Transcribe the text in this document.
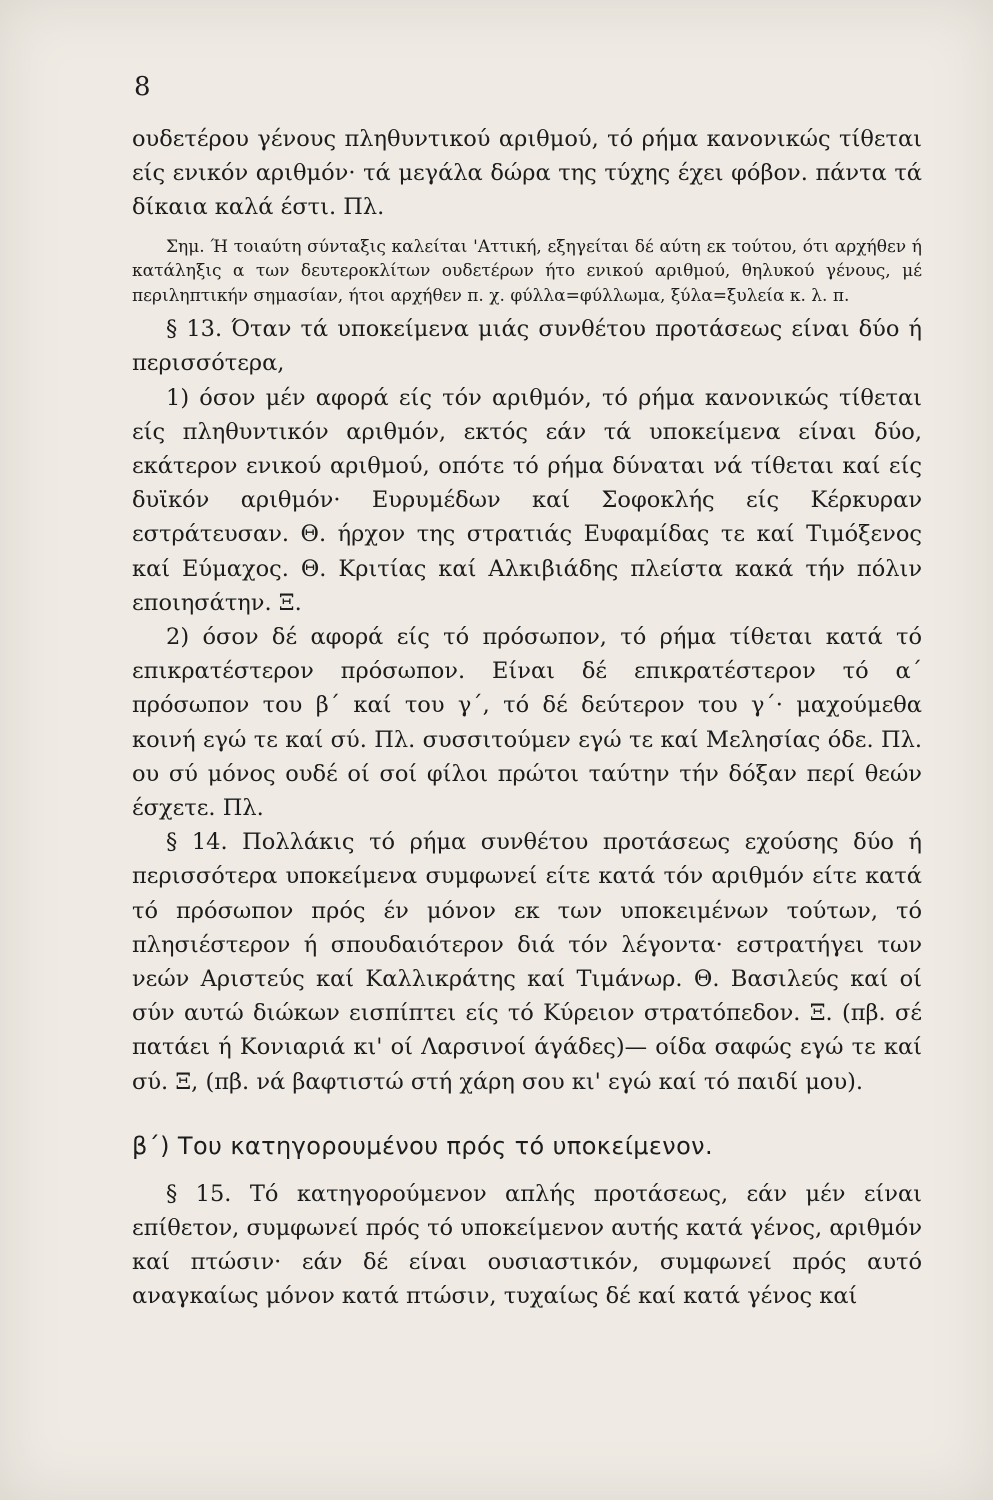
8

ουδετέρου γένους πληθυντικού αριθμού, τό ρήμα κανονικώς τίθεται είς ενικόν αριθμόν· τά μεγάλα δώρα της τύχης έχει φόβον. πάντα τά δίκαια καλά έστι. Πλ.

Σημ. Ή τοιαύτη σύνταξις καλείται 'Αττική, εξηγείται δέ αύτη εκ τούτου, ότι αρχήθεν ή κατάληξις α των δευτεροκλίτων ουδετέρων ήτο ενικού αριθμού, θηλυκού γένους, μέ περιληπτικήν σημασίαν, ήτοι αρχήθεν π. χ. φύλλα=φύλλωμα, ξύλα=ξυλεία κ. λ. π.

§ 13. Όταν τά υποκείμενα μιάς συνθέτου προτάσεως είναι δύο ή περισσότερα,

1) όσον μέν αφορά είς τόν αριθμόν, τό ρήμα κανονικώς τίθεται είς πληθυντικόν αριθμόν, εκτός εάν τά υποκείμενα είναι δύο, εκάτερον ενικού αριθμού, οπότε τό ρήμα δύναται νά τίθεται καί είς δυϊκόν αριθμόν· Ευρυμέδων καί Σοφοκλής είς Κέρκυραν εστράτευσαν. Θ. ήρχον της στρατιάς Ευφαμίδας τε καί Τιμόξενος καί Εύμαχος. Θ. Κριτίας καί Αλκιβιάδης πλείστα κακά τήν πόλιν εποιησάτην. Ξ.

2) όσον δέ αφορά είς τό πρόσωπον, τό ρήμα τίθεται κατά τό επικρατέστερον πρόσωπον. Είναι δέ επικρατέστερον τό α΄ πρόσωπον του β΄ καί του γ΄, τό δέ δεύτερον του γ΄· μαχούμεθα κοινή εγώ τε καί σύ. Πλ. συσσιτούμεν εγώ τε καί Μελησίας όδε. Πλ. ου σύ μόνος ουδέ οί σοί φίλοι πρώτοι ταύτην τήν δόξαν περί θεών έσχετε. Πλ.

§ 14. Πολλάκις τό ρήμα συνθέτου προτάσεως εχούσης δύο ή περισσότερα υποκείμενα συμφωνεί είτε κατά τόν αριθμόν είτε κατά τό πρόσωπον πρός έν μόνον εκ των υποκειμένων τούτων, τό πλησιέστερον ή σπουδαιότερον διά τόν λέγοντα· εστρατήγει των νεών Αριστεύς καί Καλλικράτης καί Τιμάνωρ. Θ. Βασιλεύς καί οί σύν αυτώ διώκων εισπίπτει είς τό Κύρειον στρατόπεδον. Ξ. (πβ. σέ πατάει ή Κονιαριά κι' οί Λαρσινοί άγάδες)— οίδα σαφώς εγώ τε καί σύ. Ξ, (πβ. νά βαφτιστώ στή χάρη σου κι' εγώ καί τό παιδί μου).

β΄) Του κατηγορουμένου πρός τό υποκείμενον.

§ 15. Τό κατηγορούμενον απλής προτάσεως, εάν μέν είναι επίθετον, συμφωνεί πρός τό υποκείμενον αυτής κατά γένος, αριθμόν καί πτώσιν· εάν δέ είναι ουσιαστικόν, συμφωνεί πρός αυτό αναγκαίως μόνον κατά πτώσιν, τυχαίως δέ καί κατά γένος καί
